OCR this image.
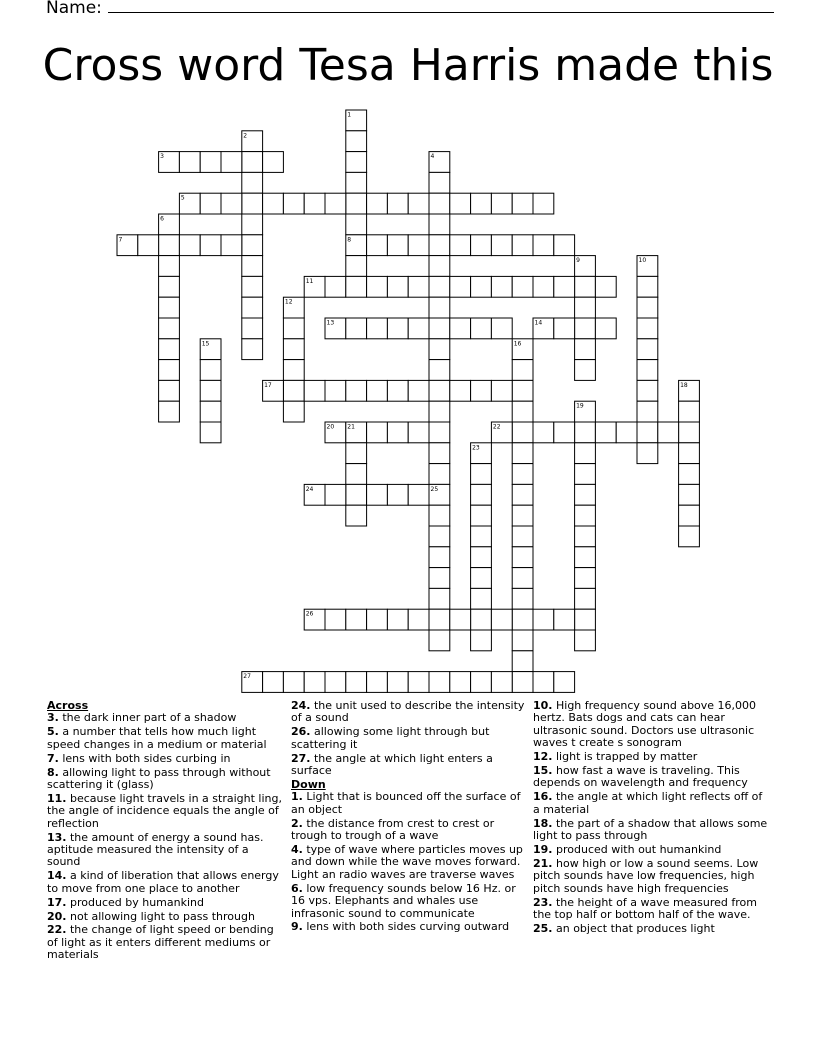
Name:
Cross word Tesa Harris made this
1
8
2
3	4
5
6
7
9	10
11
12
13	14
15	16
17	18
19
20 21	22
23
24	25
26
27
Across
3. the dark inner part of a shadow
5. a number that tells how much light speed changes in a medium or material
7. lens with both sides curbing in
8. allowing light to pass through without scattering it (glass)
11. because light travels in a straight ling, the angle of incidence equals the angle of reflection
13. the amount of energy a sound has. aptitude measured the intensity of a sound
14. a kind of liberation that allows energy to move from one place to another
17. produced by humankind
20. not allowing light to pass through
22. the change of light speed or bending of light as it enters different mediums or materials
24. the unit used to describe the intensity of a sound
26. allowing some light through but scattering it
27. the angle at which light enters a surface
Down
1. Light that is bounced off the surface of an object
2. the distance from crest to crest or trough to trough of a wave
4. type of wave where particles moves up and down while the wave moves forward. Light an radio waves are traverse waves
6. low frequency sounds below 16 Hz. or 16 vps. Elephants and whales use infrasonic sound to communicate
9. lens with both sides curving outward
10. High frequency sound above 16,000 hertz. Bats dogs and cats can hear ultrasonic sound. Doctors use ultrasonic waves t create s sonogram
12. light is trapped by matter
15. how fast a wave is traveling. This depends on wavelength and frequency
16. the angle at which light reflects off of a material
18. the part of a shadow that allows some light to pass through
19. produced with out humankind
21. how high or low a sound seems. Low pitch sounds have low frequencies, high pitch sounds have high frequencies
23. the height of a wave measured from the top half or bottom half of the wave.
25. an object that produces light
